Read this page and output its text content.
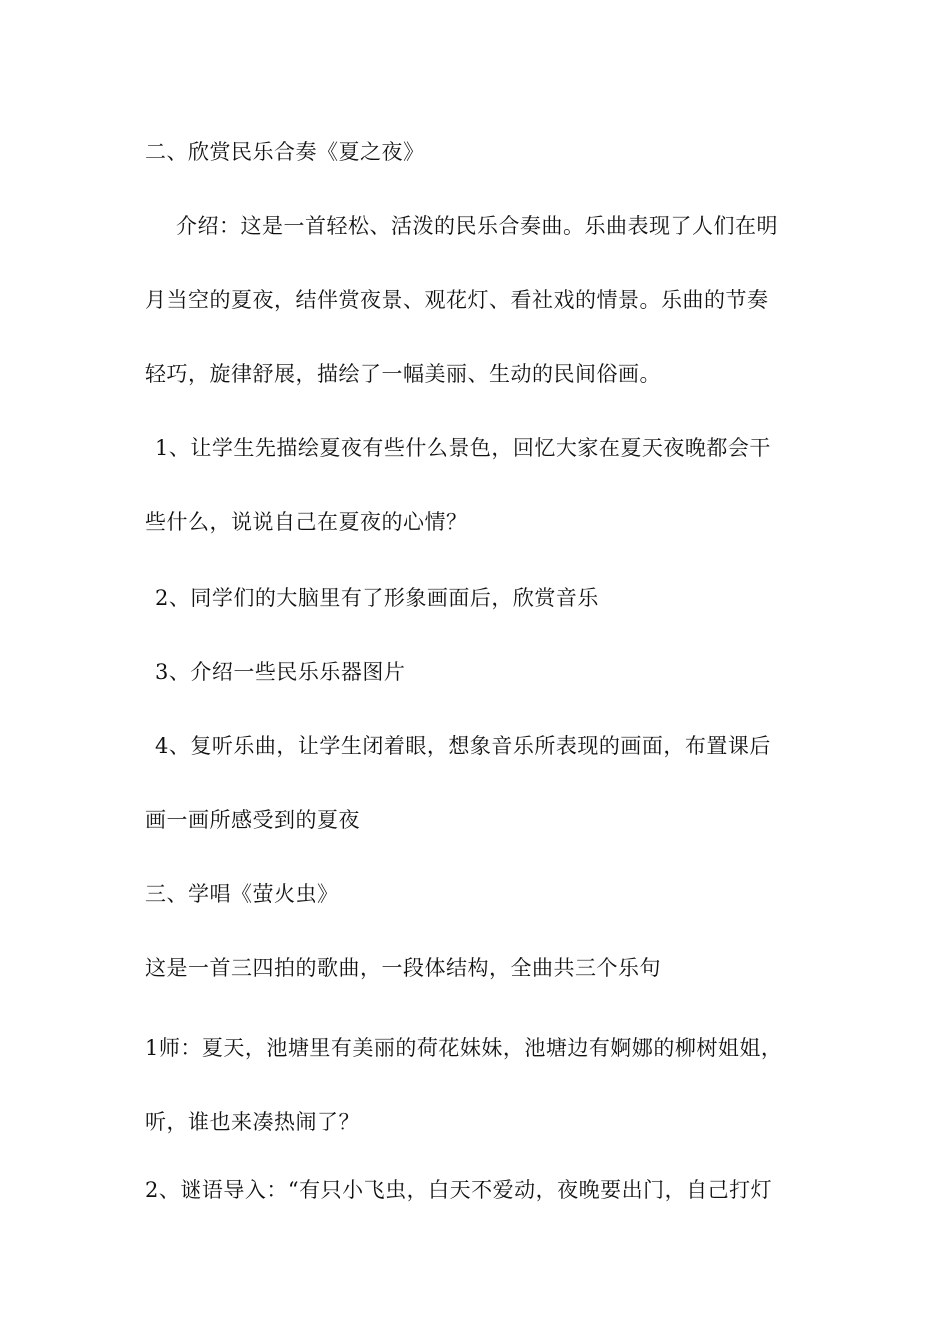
二、欣赏民乐合奏《夏之夜》
介绍：这是一首轻松、活泼的民乐合奏曲。乐曲表现了人们在明
月当空的夏夜，结伴赏夜景、观花灯、看社戏的情景。乐曲的节奏
轻巧，旋律舒展，描绘了一幅美丽、生动的民间俗画。
1、让学生先描绘夏夜有些什么景色，回忆大家在夏天夜晚都会干
些什么，说说自己在夏夜的心情？
2、同学们的大脑里有了形象画面后，欣赏音乐
3、介绍一些民乐乐器图片
4、复听乐曲，让学生闭着眼，想象音乐所表现的画面，布置课后
画一画所感受到的夏夜
三、学唱《萤火虫》
这是一首三四拍的歌曲，一段体结构，全曲共三个乐句
1师：夏天，池塘里有美丽的荷花妹妹，池塘边有婀娜的柳树姐姐，
听，谁也来凑热闹了？
2、谜语导入：“有只小飞虫，白天不爱动，夜晚要出门，自己打灯
